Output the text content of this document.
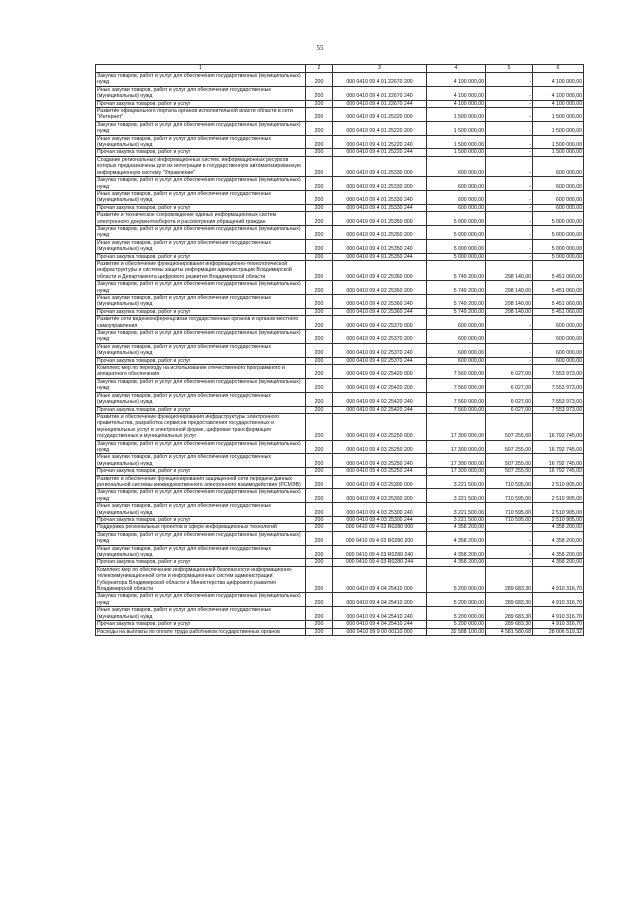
55
1	2	3	4	5	6
Закупка товаров, работ и услуг для обеспечения государственных (муниципальных) нужд	200	000 0410 09 4 01 22670 200	4 100 000,00	-	4 100 000,00
Иные закупки товаров, работ и услуг для обеспечения государственных (муниципальных) нужд	200	000 0410 09 4 01 22670 240	4 100 000,00	-	4 100 000,00
Прочая закупка товаров, работ и услуг	200	000 0410 09 4 01 22670 244	4 100 000,00	-	4 100 000,00
Развитие официального портала органов исполнительной власти области в сети "Интернет"	200	000 0410 09 4 01 25220 000	1 500 000,00	-	1 500 000,00
Закупка товаров, работ и услуг для обеспечения государственных (муниципальных) нужд	200	000 0410 09 4 01 25220 200	1 500 000,00	-	1 500 000,00
Иные закупки товаров, работ и услуг для обеспечения государственных (муниципальных) нужд	200	000 0410 09 4 01 25220 240	1 500 000,00	-	1 500 000,00
Прочая закупка товаров, работ и услуг	200	000 0410 09 4 01 25220 244	1 500 000,00	-	1 500 000,00
Создание региональных информационных систем, информационных ресурсов которых предназначены для их интеграции в государственную автоматизированную информационную систему "Управление"	200	000 0410 09 4 01 25330 000	600 000,00	-	600 000,00
Закупка товаров, работ и услуг для обеспечения государственных (муниципальных) нужд	200	000 0410 09 4 01 25330 200	600 000,00	-	600 000,00
Иные закупки товаров, работ и услуг для обеспечения государственных (муниципальных) нужд	200	000 0410 09 4 01 25330 240	600 000,00	-	600 000,00
Прочая закупка товаров, работ и услуг	200	000 0410 09 4 01 25330 244	600 000,00	-	600 000,00
Развитие и техническое сопровождение единых информационных систем электронного документооборота и рассмотрения обращений граждан	200	000 0410 09 4 01 25350 000	5 000 000,00	-	5 000 000,00
Закупка товаров, работ и услуг для обеспечения государственных (муниципальных) нужд	200	000 0410 09 4 01 25350 200	5 000 000,00	-	5 000 000,00
Иные закупки товаров, работ и услуг для обеспечения государственных (муниципальных) нужд	200	000 0410 09 4 01 25350 240	5 000 000,00	-	5 000 000,00
Прочая закупка товаров, работ и услуг	200	000 0410 09 4 01 25350 244	5 000 000,00	-	5 000 000,00
Развитие и обеспечение функционирования информационно-технологической инфраструктуры и системы защиты информации администрации Владимирской области и Департамента цифрового развития Владимирской области	200	000 0410 09 4 02 25360 000	5 749 200,00	298 140,00	5 451 060,00
Закупка товаров, работ и услуг для обеспечения государственных (муниципальных) нужд	200	000 0410 09 4 02 25360 200	5 749 200,00	298 140,00	5 451 060,00
Иные закупки товаров, работ и услуг для обеспечения государственных (муниципальных) нужд	200	000 0410 09 4 02 25360 240	5 749 200,00	298 140,00	5 451 060,00
Прочая закупка товаров, работ и услуг	200	000 0410 09 4 02 25360 244	5 749 200,00	298 140,00	5 451 060,00
Развитие сети видеоконференцсвязи государственных органов и органов местного самоуправления	200	000 0410 09 4 02 25370 000	600 000,00	-	600 000,00
Закупка товаров, работ и услуг для обеспечения государственных (муниципальных) нужд	200	000 0410 09 4 02 25370 200	600 000,00	-	600 000,00
Иные закупки товаров, работ и услуг для обеспечения государственных (муниципальных) нужд	200	000 0410 09 4 02 25370 240	600 000,00	-	600 000,00
Прочая закупка товаров, работ и услуг	200	000 0410 09 4 02 25370 244	600 000,00	-	600 000,00
Комплекс мер по переходу на использование отечественного программного и аппаратного обеспечения	200	000 0410 09 4 02 25420 000	7 560 000,00	6 027,00	7 553 973,00
Закупка товаров, работ и услуг для обеспечения государственных (муниципальных) нужд	200	000 0410 09 4 02 25420 200	7 560 000,00	6 027,00	7 553 973,00
Иные закупки товаров, работ и услуг для обеспечения государственных (муниципальных) нужд	200	000 0410 09 4 02 25420 240	7 560 000,00	6 027,00	7 553 973,00
Прочая закупка товаров, работ и услуг	200	000 0410 09 4 02 25420 244	7 560 000,00	6 027,00	7 553 973,00
Развитие и обеспечение функционирования инфраструктуры электронного правительства, разработка сервисов предоставления государственных и муниципальных услуг в электронной форме, цифровая трансформация государственных и муниципальных услуг	200	000 0410 09 4 03 25250 000	17 300 000,00	507 255,00	16 792 745,00
Закупка товаров, работ и услуг для обеспечения государственных (муниципальных) нужд	200	000 0410 09 4 03 25250 200	17 300 000,00	507 255,00	16 792 745,00
Иные закупки товаров, работ и услуг для обеспечения государственных (муниципальных) нужд	200	000 0410 09 4 03 25250 240	17 300 000,00	507 255,00	16 792 745,00
Прочая закупка товаров, работ и услуг	200	000 0410 09 4 03 25250 244	17 300 000,00	507 255,00	16 792 745,00
Развитие и обеспечение функционирования защищенной сети передачи данных региональной системы межведомственного электронного взаимодействия (РСМЭВ)	200	000 0410 09 4 03 25300 000	3 221 500,00	710 595,00	2 510 905,00
Закупка товаров, работ и услуг для обеспечения государственных (муниципальных) нужд	200	000 0410 09 4 03 25300 200	3 221 500,00	710 595,00	2 510 905,00
Иные закупки товаров, работ и услуг для обеспечения государственных (муниципальных) нужд	200	000 0410 09 4 03 25300 240	3 221 500,00	710 595,00	2 510 905,00
Прочая закупка товаров, работ и услуг	200	000 0410 09 4 03 25300 244	3 221 500,00	710 595,00	2 510 905,00
Поддержка региональных проектов в сфере информационных технологий	200	000 0410 09 4 03 R0280 000	4 358 200,00	-	4 358 200,00
Закупка товаров, работ и услуг для обеспечения государственных (муниципальных) нужд	200	000 0410 09 4 03 R0280 200	4 358 200,00	-	4 358 200,00
Иные закупки товаров, работ и услуг для обеспечения государственных (муниципальных) нужд	200	000 0410 09 4 03 R0280 240	4 358 200,00	-	4 358 200,00
Прочая закупка товаров, работ и услуг	200	000 0410 09 4 03 R0280 244	4 358 200,00	-	4 358 200,00
Комплекс мер по обеспечению информационной безопасности информационно-телекоммуникационной сети и информационных систем администрации Губернатора Владимирской области и Министерства цифрового развития Владимирской области	200	000 0410 09 4 04 25410 000	5 200 000,00	289 683,30	4 910 316,70
Закупка товаров, работ и услуг для обеспечения государственных (муниципальных) нужд	200	000 0410 09 4 04 25410 200	5 200 000,00	289 683,30	4 910 316,70
Иные закупки товаров, работ и услуг для обеспечения государственных (муниципальных) нужд	200	000 0410 09 4 04 25410 240	5 200 000,00	289 683,30	4 910 316,70
Прочая закупка товаров, работ и услуг	200	000 0410 09 4 04 25410 244	5 200 000,00	289 683,30	4 910 316,70
Расходы на выплаты по оплате труда работников государственных органов	200	000 0410 09 9 00 00110 000	32 588 100,00	4 581 580,68	28 006 519,32
